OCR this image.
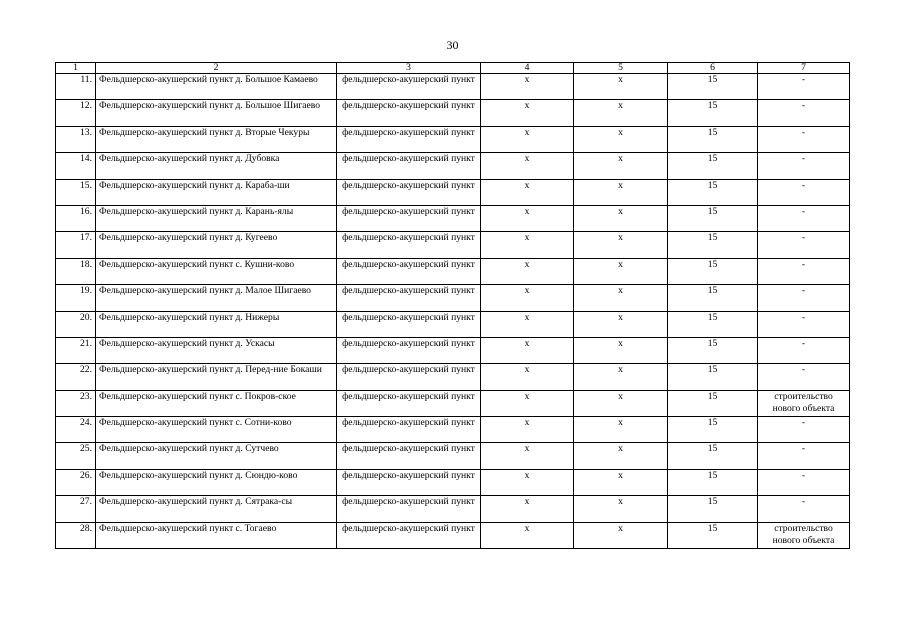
30
1	2	3	4	5	6	7
11.	Фельдшерско-акушерский пункт д. Большое Камаево	фельдшерско-акушерский пункт	х	х	15	-
12.	Фельдшерско-акушерский пункт д. Большое Шигаево	фельдшерско-акушерский пункт	х	х	15	-
13.	Фельдшерско-акушерский пункт д. Вторые Чекуры	фельдшерско-акушерский пункт	х	х	15	-
14.	Фельдшерско-акушерский пункт д. Дубовка	фельдшерско-акушерский пункт	х	х	15	-
15.	Фельдшерско-акушерский пункт д. Караба-ши	фельдшерско-акушерский пункт	х	х	15	-
16.	Фельдшерско-акушерский пункт д. Карань-ялы	фельдшерско-акушерский пункт	х	х	15	-
17.	Фельдшерско-акушерский пункт д. Кугеево	фельдшерско-акушерский пункт	х	х	15	-
18.	Фельдшерско-акушерский пункт с. Кушни-ково	фельдшерско-акушерский пункт	х	х	15	-
19.	Фельдшерско-акушерский пункт д. Малое Шигаево	фельдшерско-акушерский пункт	х	х	15	-
20.	Фельдшерско-акушерский пункт д. Нижеры	фельдшерско-акушерский пункт	х	х	15	-
21.	Фельдшерско-акушерский пункт д. Ускасы	фельдшерско-акушерский пункт	х	х	15	-
22.	Фельдшерско-акушерский пункт д. Перед-ние Бокаши	фельдшерско-акушерский пункт	х	х	15	-
23.	Фельдшерско-акушерский пункт с. Покров-ское	фельдшерско-акушерский пункт	х	х	15	строительство нового объекта
24.	Фельдшерско-акушерский пункт с. Сотни-ково	фельдшерско-акушерский пункт	х	х	15	-
25.	Фельдшерско-акушерский пункт д. Сутчево	фельдшерско-акушерский пункт	х	х	15	-
26.	Фельдшерско-акушерский пункт д. Сюндю-ково	фельдшерско-акушерский пункт	х	х	15	-
27.	Фельдшерско-акушерский пункт д. Сятрака-сы	фельдшерско-акушерский пункт	х	х	15	-
28.	Фельдшерско-акушерский пункт с. Тогаево	фельдшерско-акушерский пункт	х	х	15	строительство нового объекта
